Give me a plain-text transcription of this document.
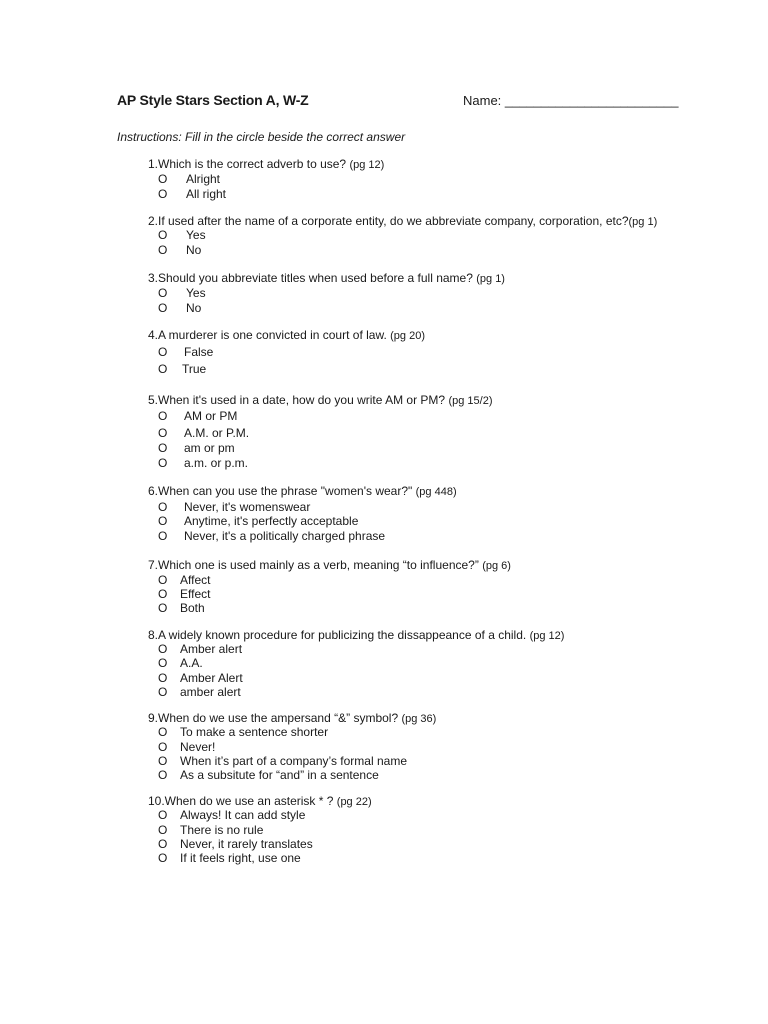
AP Style Stars Section A, W-Z	Name: ________________________
Instructions: Fill in the circle beside the correct answer
1.Which is the correct adverb to use? (pg 12)
O Alright
O All right
2.If used after the name of a corporate entity, do we abbreviate company, corporation, etc?(pg 1)
O Yes
O No
3.Should you abbreviate titles when used before a full name? (pg 1)
O Yes
O No
4.A murderer is one convicted in court of law. (pg 20)
O False
O True
5.When it's used in a date, how do you write AM or PM? (pg 15/2)
O AM or PM
O A.M. or P.M.
O am or pm
O a.m. or p.m.
6.When can you use the phrase "women's wear?" (pg 448)
O Never, it's womenswear
O Anytime, it's perfectly acceptable
O Never, it's a politically charged phrase
7.Which one is used mainly as a verb, meaning “to influence?” (pg 6)
O Affect
O Effect
O Both
8.A widely known procedure for publicizing the dissappeance of a child. (pg 12)
O Amber alert
O A.A.
O Amber Alert
O amber alert
9.When do we use the ampersand “&” symbol? (pg 36)
O To make a sentence shorter
O Never!
O When it’s part of a company’s formal name
O As a subsitute for “and” in a sentence
10.When do we use an asterisk * ? (pg 22)
O Always! It can add style
O There is no rule
O Never, it rarely translates
O If it feels right, use one
